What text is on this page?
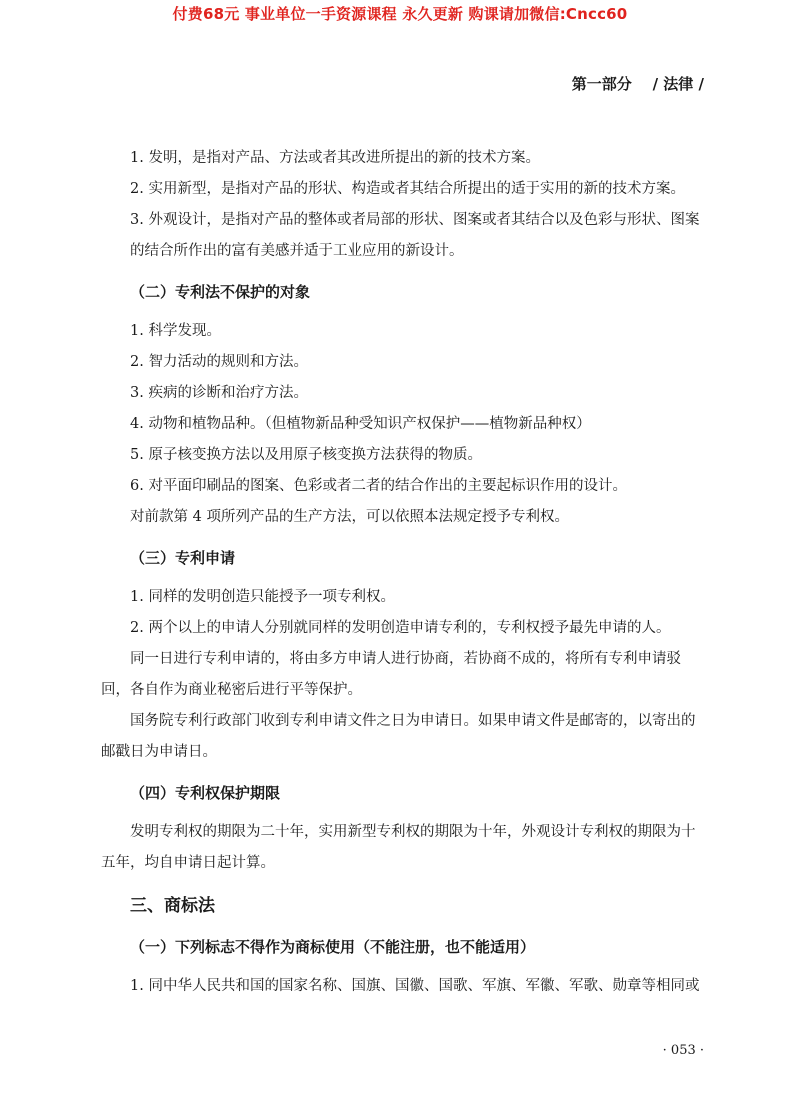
付费68元 事业单位一手资源课程 永久更新 购课请加微信:Cncc60
第一部分    / 法律 /

1. 发明，是指对产品、方法或者其改进所提出的新的技术方案。

2. 实用新型，是指对产品的形状、构造或者其结合所提出的适于实用的新的技术方案。

3. 外观设计，是指对产品的整体或者局部的形状、图案或者其结合以及色彩与形状、图案的结合所作出的富有美感并适于工业应用的新设计。

（二）专利法不保护的对象

1. 科学发现。

2. 智力活动的规则和方法。

3. 疾病的诊断和治疗方法。

4. 动物和植物品种。（但植物新品种受知识产权保护——植物新品种权）

5. 原子核变换方法以及用原子核变换方法获得的物质。

6. 对平面印刷品的图案、色彩或者二者的结合作出的主要起标识作用的设计。

对前款第 4 项所列产品的生产方法，可以依照本法规定授予专利权。

（三）专利申请

1. 同样的发明创造只能授予一项专利权。

2. 两个以上的申请人分别就同样的发明创造申请专利的，专利权授予最先申请的人。

同一日进行专利申请的，将由多方申请人进行协商，若协商不成的，将所有专利申请驳回，各自作为商业秘密后进行平等保护。

国务院专利行政部门收到专利申请文件之日为申请日。如果申请文件是邮寄的，以寄出的邮戳日为申请日。

（四）专利权保护期限

发明专利权的期限为二十年，实用新型专利权的期限为十年，外观设计专利权的期限为十五年，均自申请日起计算。

三、商标法

（一）下列标志不得作为商标使用（不能注册，也不能适用）

1. 同中华人民共和国的国家名称、国旗、国徽、国歌、军旗、军徽、军歌、勋章等相同或

· 053 ·
